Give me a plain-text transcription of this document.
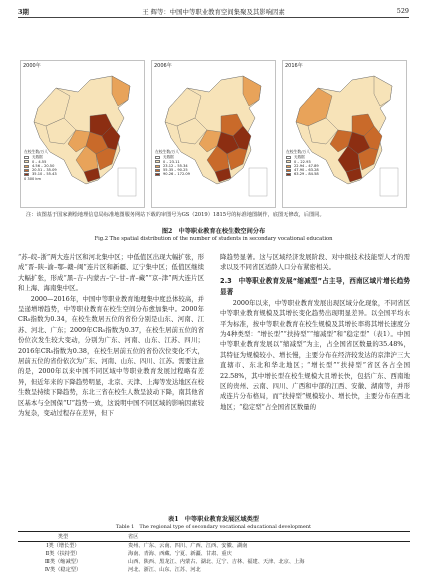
3期	王 辉等：中国中等职业教育空间集聚及其影响因素	529
2000年
在校生数/万人
无数据
0 – 4.55
4.56 – 20.50
20.51 – 35.09
35.10 – 55.43
0 300 km
2006年
在校生数/万人
无数据
0 – 23.11
23.12 – 55.34
55.35 – 90.25
90.26 – 172.09
2016年
在校生数/万人
无数据
0 – 22.93
22.94 – 47.89
47.90 – 63.28
63.29 – 84.58
注：该图基于国家测绘地理信息局标准地图服务网站下载的审图号为GS（2019）1815号的标准地图制作，底图无修改，后图同。
图2　中等职业教育在校生数空间分布
Fig.2 The spatial distribution of the number of students in secondary vocational education

“苏–皖–浙”两大连片区和河北集中区；中低值区出现大幅扩张，形成“晋–陕–渝–鄂–赣–闽”连片区和新疆、辽宁集中区；低值区继续大幅扩张，形成“黑–吉–内蒙古–宁–甘–青–藏”“京–津”两大连片区和上海、海南集中区。

2000—2016年，中国中等职业教育地理集中度总体较高，并呈递增增趋势，中等职业教育在校生空间分布愈加集中。2000年CR₅指数为0.34，在校生数居五位的省份分别是山东、河南、江苏、河北、广东；2009年CR₅指数为0.37，在校生居前五位的省份位次发生较大变动，分别为广东、河南、山东、江苏、四川；2016年CR₅指数为0.38，在校生居前五位的省份次位变化不大，居前五位的省份依次为广东、河南、山东、四川、江苏。需要注意的是，2000年以来中国不同区域中等职业教育发展过程略有差异，但近年来的下降趋势明显，北京、天津、上海等发达地区在校生数呈持续下降趋势，东北三省在校生人数呈波动下降，南其他省区基本与全国保“U”趋势一致，这说明中国不同区域的影响因素较为复杂，变动过程存在差异，但下

降趋势显著。这与区域经济发展阶段、对中级技术技能型人才的需求以及不同省区适龄人口分布紧密相关。

2.3　中等职业教育发展“缩减型”占主导，西南区域片增长趋势显著

2000年以来，中等职业教育发展出现区域分化现象，不同省区中等职业教育规模及其增长变化趋势出现明显差异。以全国平均水平为标准，按中等职业教育在校生规模及其增长率将其增长速度分为4种类型：“增长型”“扶持型”“缩减型”和“稳定型”（表1）。中国中等职业教育发展以“缩减型”为主，占全国省区数量的35.48%，其特征为规模较小、增长慢，主要分布在经济较发达的京津沪三大直辖市、东北和华北地区；“增长型”“扶持型”省区各占全国22.58%，其中增长型在校生规模大且增长快，包括广东、西南地区的贵州、云南、四川、广西和中部的江西、安徽、湖南等，并形成连片分布格局，而“扶持型”规模较小、增长快，主要分布在西北地区；“稳定型”占全国省区数量的

表1　中等职业教育发展区域类型
Table 1　The regional type of secondary vocational educational development
类型	省区
Ⅰ类（增长型）	贵州、广东、云南、四川、广西、江西、安徽、湖南
Ⅱ类（扶持型）	海南、青海、西藏、宁夏、新疆、甘肃、重庆
Ⅲ类（缩减型）	山西、陕西、黑龙江、内蒙古、湖北、辽宁、吉林、福建、天津、北京、上海
Ⅳ类（稳定型）	河北、浙江、山东、江苏、河北
